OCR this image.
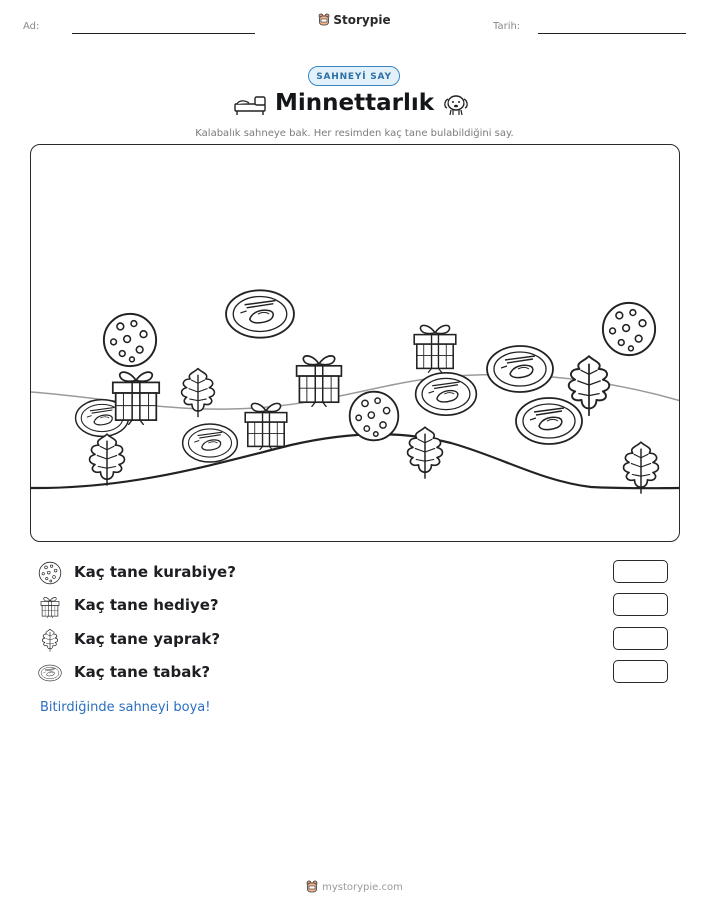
Ad:	Storypie	Tarih:
SAHNEYİ SAY
Minnettarlık
Kalabalık sahneye bak. Her resimden kaç tane bulabildiğini say.
Kaç tane kurabiye?
Kaç tane hediye?
Kaç tane yaprak?
Kaç tane tabak?
Bitirdiğinde sahneyi boya!
mystorypie.com
